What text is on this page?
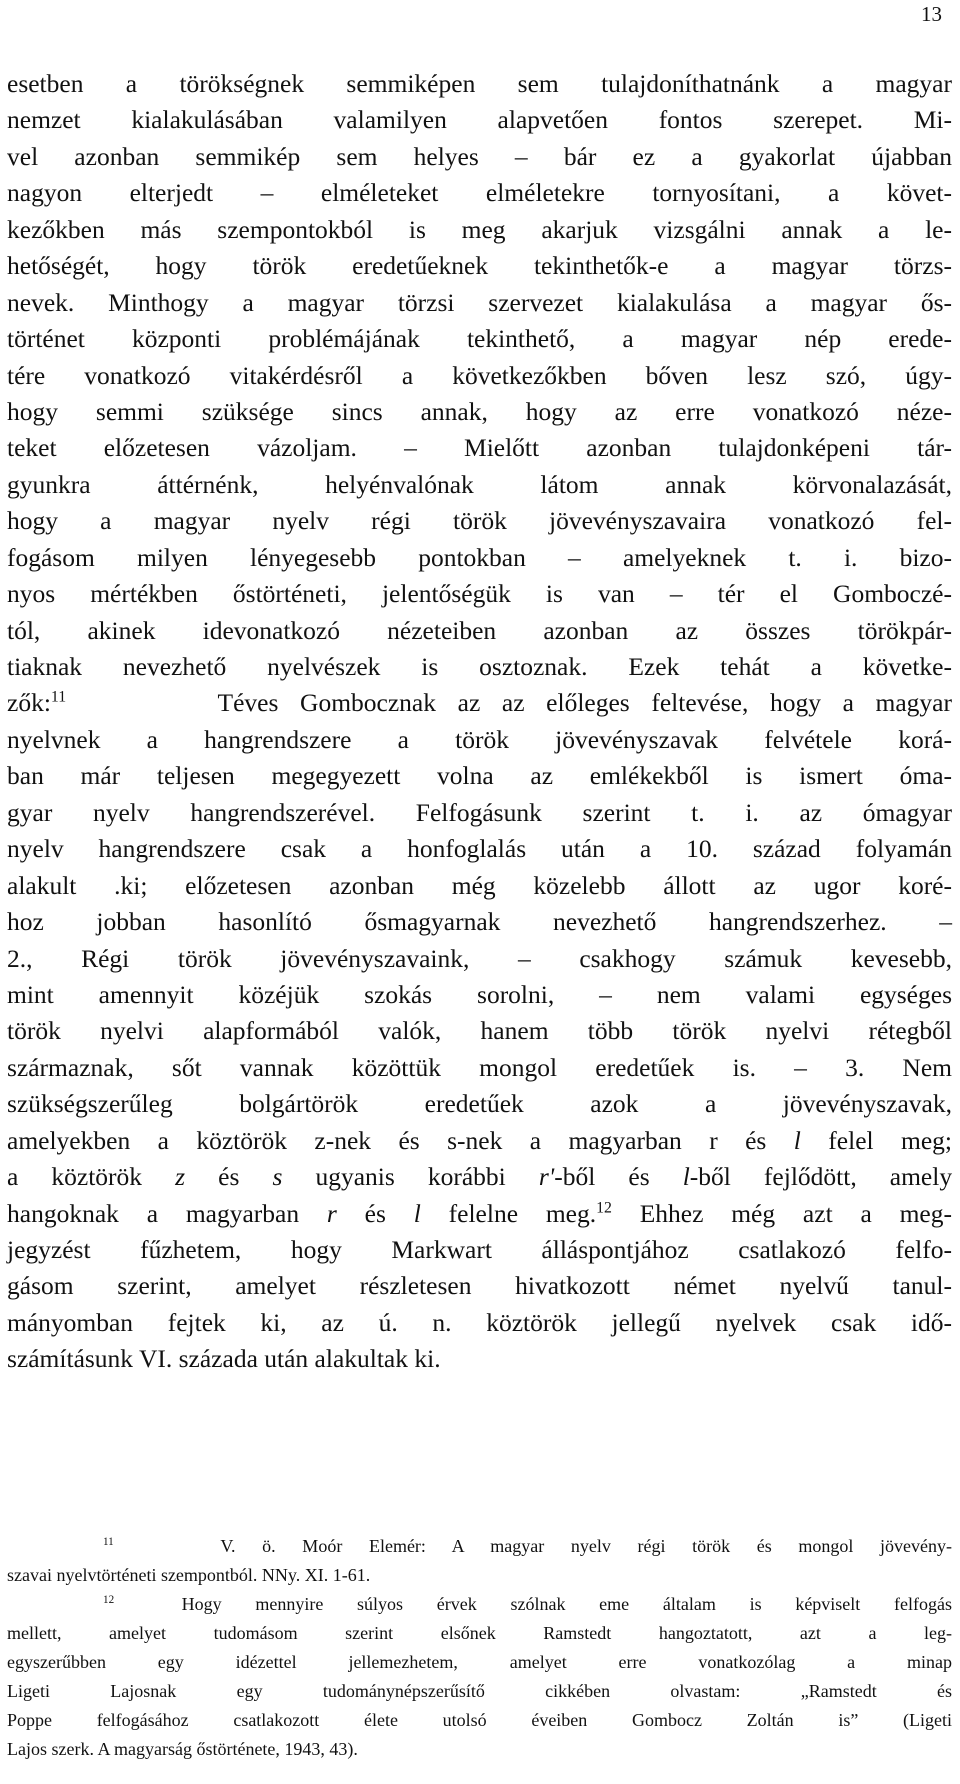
13
esetben a törökségnek semmiképen sem tulajdoníthatnánk a magyar
nemzet kialakulásában valamilyen alapvetően fontos szerepet. Mi-
vel azonban semmikép sem helyes – bár ez a gyakorlat újabban
nagyon elterjedt – elméleteket elméletekre tornyosítani, a követ-
kezőkben más szempontokból is meg akarjuk vizsgálni annak a le-
hetőségét, hogy török eredetűeknek tekinthetők-e a magyar törzs-
nevek. Minthogy a magyar törzsi szervezet kialakulása a magyar ős-
történet központi problémájának tekinthető, a magyar nép erede-
tére vonatkozó vitakérdésről a következőkben bőven lesz szó, úgy-
hogy semmi szüksége sincs annak, hogy az erre vonatkozó néze-
teket előzetesen vázoljam. – Mielőtt azonban tulajdonképeni tár-
gyunkra áttérnénk, helyénvalónak látom annak körvonalazását,
hogy a magyar nyelv régi török jövevényszavaira vonatkozó fel-
fogásom milyen lényegesebb pontokban – amelyeknek t. i. bizo-
nyos mértékben őstörténeti, jelentőségük is van – tér el Gomboczé-
tól, akinek idevonatkozó nézeteiben azonban az összes törökpár-
tiaknak nevezhető nyelvészek is osztoznak. Ezek tehát a követke-
zők:$^{11}$	Téves Gombocznak az az előleges feltevése, hogy a magyar
nyelvnek a hangrendszere a török jövevényszavak felvétele korá-
ban már teljesen megegyezett volna az emlékekből is ismert óma-
gyar nyelv hangrendszerével. Felfogásunk szerint t. i. az ómagyar
nyelv hangrendszere csak a honfoglalás után a 10. század folyamán
alakult .ki; előzetesen azonban még közelebb állott az ugor koré-
hoz jobban hasonlító ősmagyarnak nevezhető hangrendszerhez. –
2., Régi török jövevényszavaink, – csakhogy számuk kevesebb,
mint amennyit közéjük szokás sorolni, – nem valami egységes
török nyelvi alapformából valók, hanem több török nyelvi rétegből
származnak, sőt vannak közöttük mongol eredetűek is. – 3. Nem
szükségszerűleg bolgártörök eredetűek azok a jövevényszavak,
amelyekben a köztörök z-nek és s-nek a magyarban r és l felel meg;
a köztörök z és s ugyanis korábbi r'-ből és l-ből fejlődött, amely
hangoknak a magyarban r és l felelne meg.$^{12}$ Ehhez még azt a meg-
jegyzést fűzhetem, hogy Markwart álláspontjához csatlakozó felfo-
gásom szerint, amelyet részletesen hivatkozott német nyelvű tanul-
mányomban fejtek ki, az ú. n. köztörök jellegű nyelvek csak idő-
számításunk VI. százada után alakultak ki.
$^{11}$	V. ö. Moór Elemér: A magyar nyelv régi török és mongol jövevény-
szavai nyelvtörténeti szempontból. NNy. XI. 1-61.
$^{12}$	Hogy mennyire súlyos érvek szólnak eme általam is képviselt felfogás
mellett, amelyet tudomásom szerint elsőnek Ramstedt hangoztatott, azt a leg-
egyszerűbben egy idézettel jellemezhetem, amelyet erre vonatkozólag a minap
Ligeti Lajosnak egy tudománynépszerűsítő cikkében olvastam: „Ramstedt és
Poppe felfogásához csatlakozott élete utolsó éveiben Gombocz Zoltán is” (Ligeti
Lajos szerk. A magyarság őstörténete, 1943, 43).
